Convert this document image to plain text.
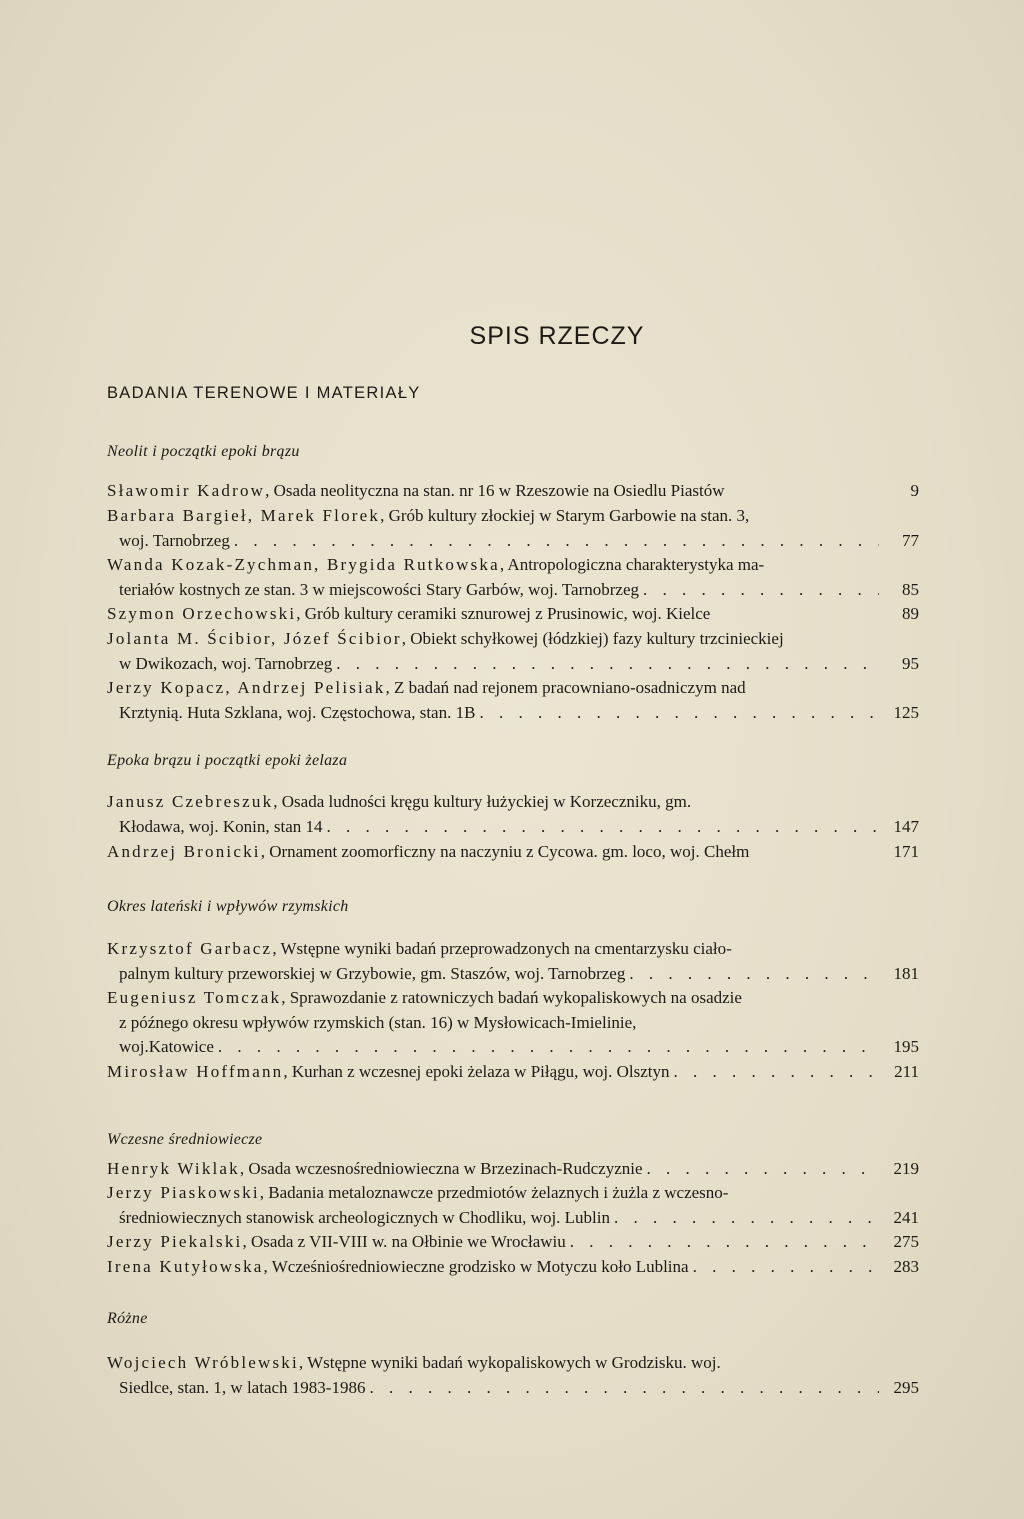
SPIS RZECZY
BADANIA TERENOWE I MATERIAŁY
Neolit i początki epoki brązu
Sławomir Kadrow, Osada neolityczna na stan. nr 16 w Rzeszowie na Osiedlu Piastów	9
Barbara Bargieł, Marek Florek, Grób kultury złockiej w Starym Garbowie na stan. 3,
woj. Tarnobrzeg . . .	77
Wanda Kozak-Zychman, Brygida Rutkowska, Antropologiczna charakterystyka ma-
teriałów kostnych ze stan. 3 w miejscowości Stary Garbów, woj. Tarnobrzeg . . .	85
Szymon Orzechowski, Grób kultury ceramiki sznurowej z Prusinowic, woj. Kielce	89
Jolanta M. Ścibior, Józef Ścibior, Obiekt schyłkowej (łódzkiej) fazy kultury trzcinieckiej
w Dwikozach, woj. Tarnobrzeg . . .	95
Jerzy Kopacz, Andrzej Pelisiak, Z badań nad rejonem pracowniano-osadniczym nad
Krztynią. Huta Szklana, woj. Częstochowa, stan. 1B . . .	125
Epoka brązu i początki epoki żelaza
Janusz Czebreszuk, Osada ludności kręgu kultury łużyckiej w Korzeczniku, gm.
Kłodawa, woj. Konin, stan 14 . . .	147
Andrzej Bronicki, Ornament zoomorficzny na naczyniu z Cycowa. gm. loco, woj. Chełm	171
Okres lateński i wpływów rzymskich
Krzysztof Garbacz, Wstępne wyniki badań przeprowadzonych na cmentarzysku ciało-
palnym kultury przeworskiej w Grzybowie, gm. Staszów, woj. Tarnobrzeg . . .	181
Eugeniusz Tomczak, Sprawozdanie z ratowniczych badań wykopaliskowych na osadzie
z późnego okresu wpływów rzymskich (stan. 16) w Mysłowicach-Imielinie,
woj.Katowice . . .	195
Mirosław Hoffmann, Kurhan z wczesnej epoki żelaza w Piłągu, woj. Olsztyn . . .	211
Wczesne średniowiecze
Henryk Wiklak, Osada wczesnośredniowieczna w Brzezinach-Rudczyznie . . .	219
Jerzy Piaskowski, Badania metaloznawcze przedmiotów żelaznych i żużla z wczesno-
średniowiecznych stanowisk archeologicznych w Chodliku, woj. Lublin . . .	241
Jerzy Piekalski, Osada z VII-VIII w. na Ołbinie we Wrocławiu . . .	275
Irena Kutyłowska, Wcześniośredniowieczne grodzisko w Motyczu koło Lublina . . .	283
Różne
Wojciech Wróblewski, Wstępne wyniki badań wykopaliskowych w Grodzisku. woj.
Siedlce, stan. 1, w latach 1983-1986 . . .	295
